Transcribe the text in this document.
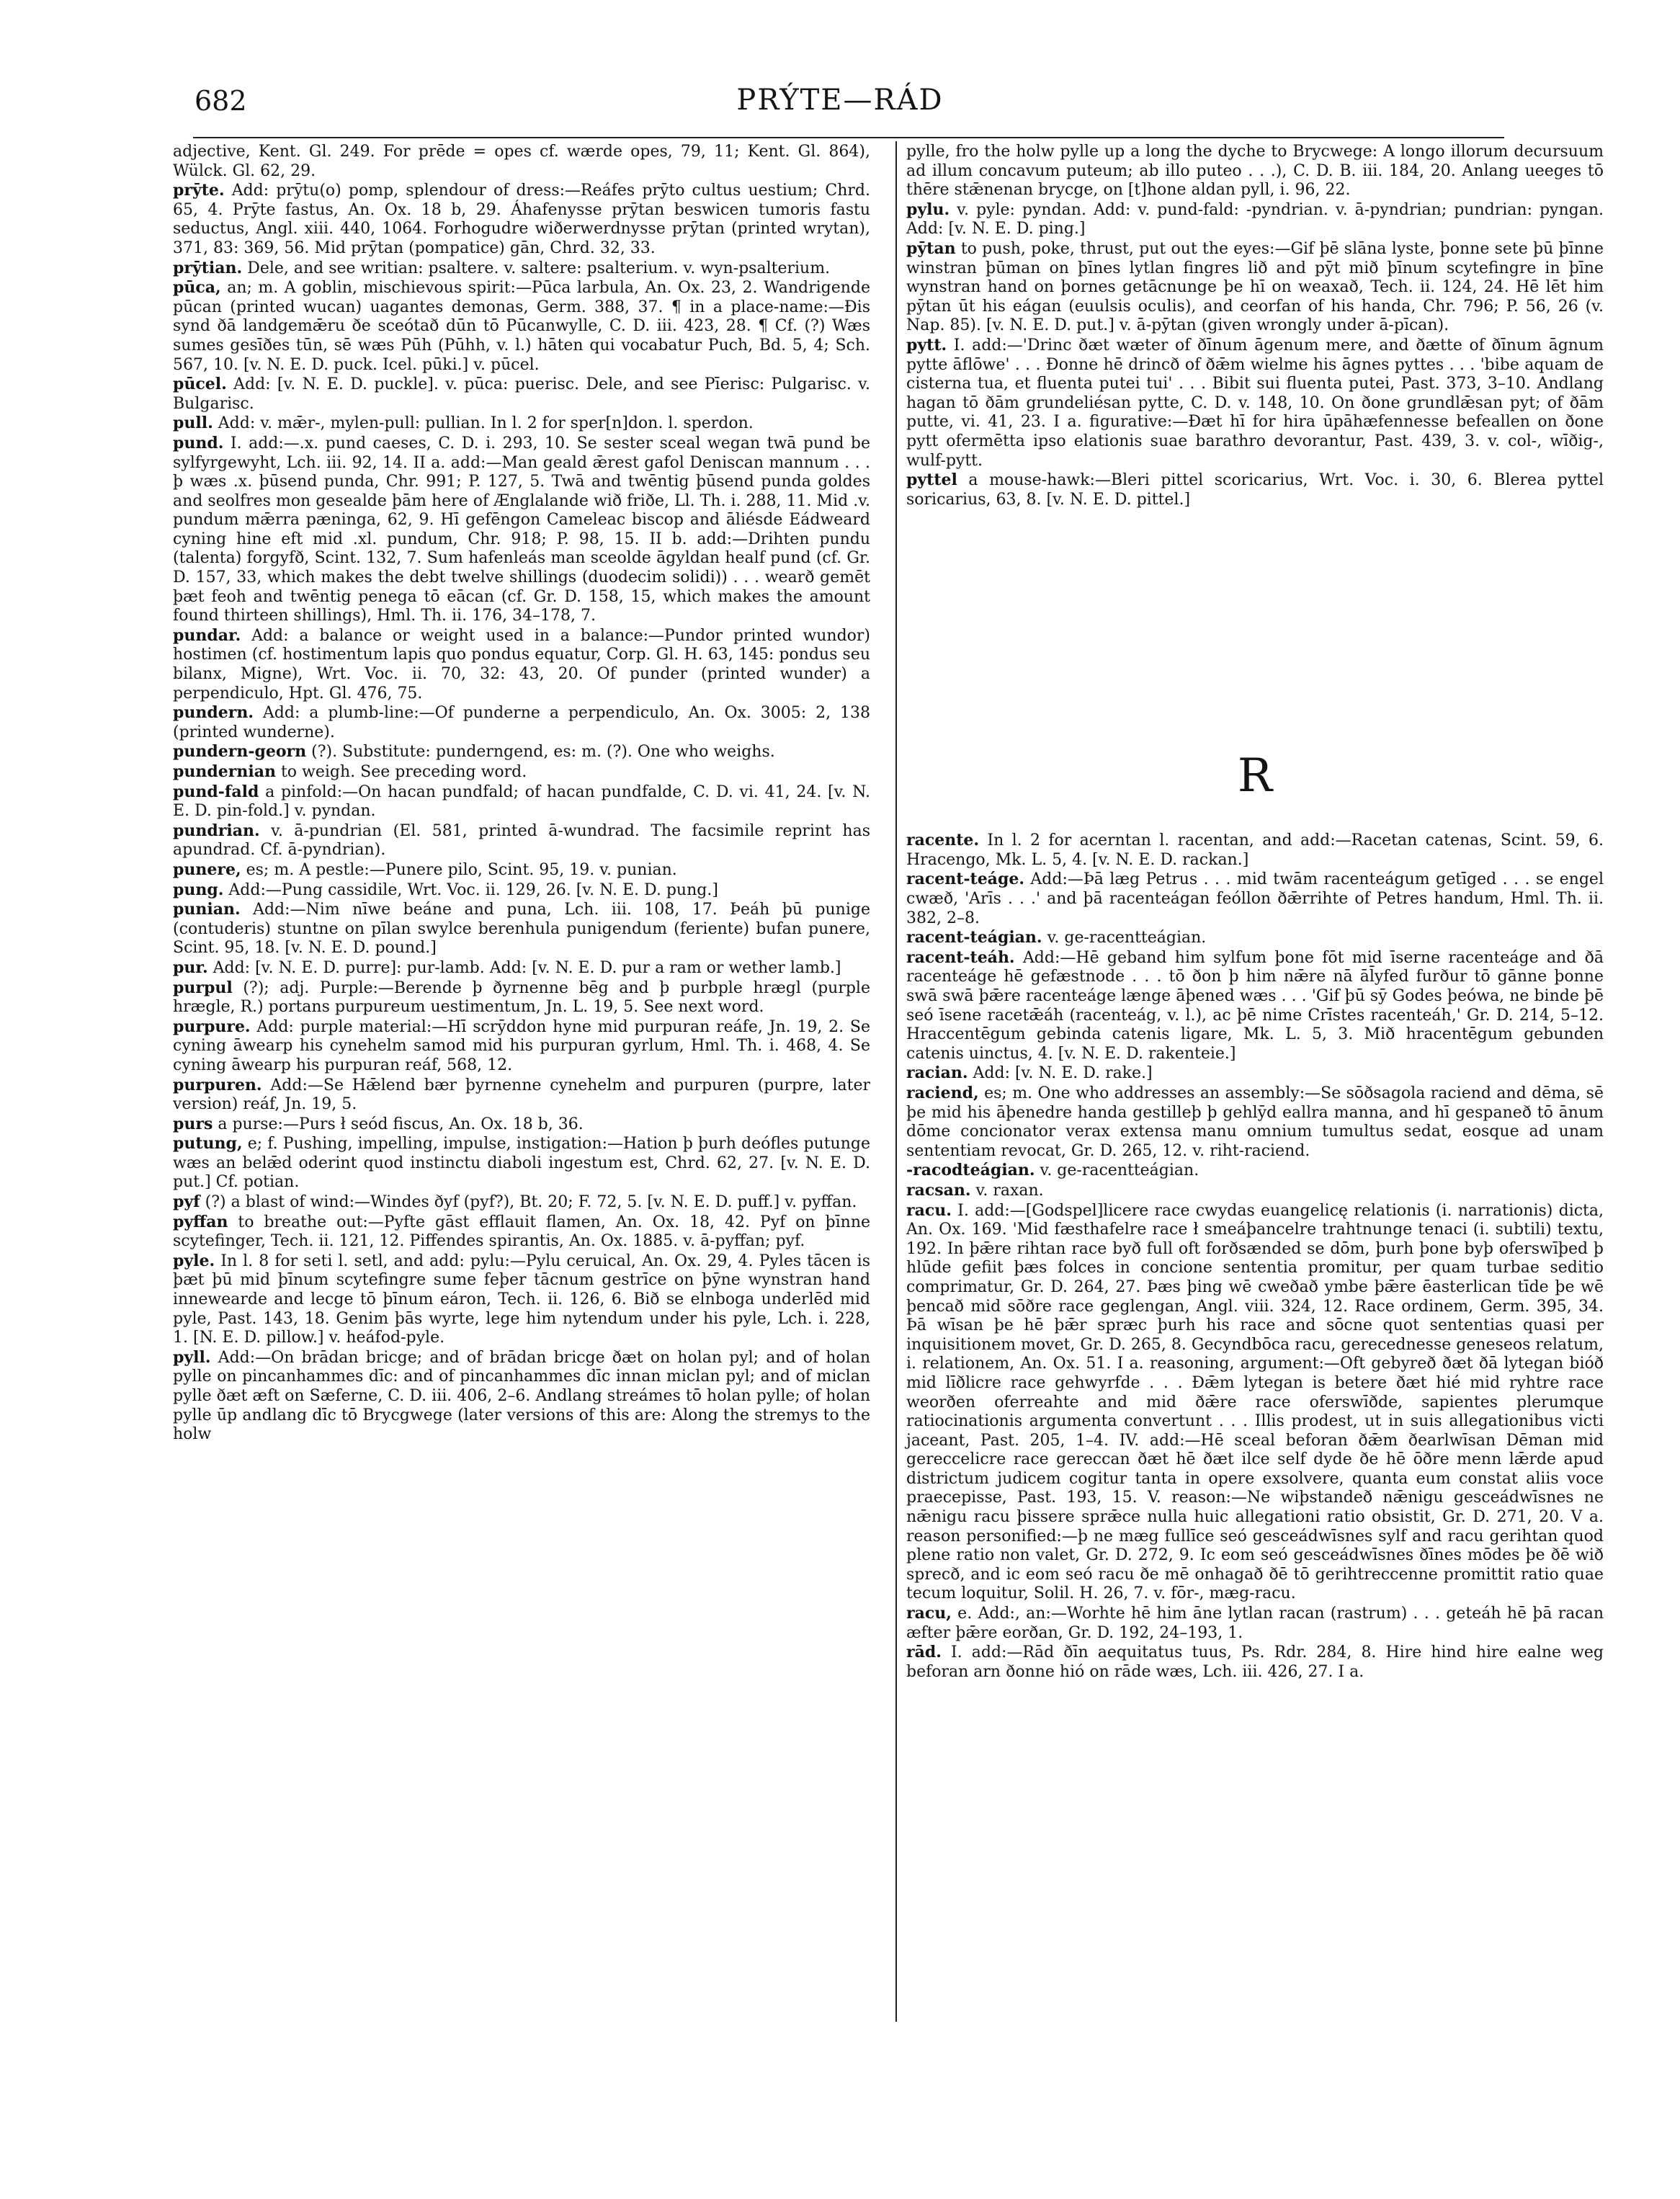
682	PRÝTE—RÁD
adjective, Kent. Gl. 249. For prēde = opes cf. wærde opes, 79, 11; Kent. Gl. 864), Wülck. Gl. 62, 29.
prȳte. Add: prȳtu(o) pomp, splendour of dress:—Reáfes prȳto cultus uestium; Chrd. 65, 4. Prȳte fastus, An. Ox. 18 b, 29. Áhafenysse prȳtan beswicen tumoris fastu seductus, Angl. xiii. 440, 1064. Forhogudre wiðerwerdnysse prȳtan (printed wrytan), 371, 83: 369, 56. Mid prȳtan (pompatice) gān, Chrd. 32, 33.
prȳtian. Dele, and see writian: psaltere. v. saltere: psalterium. v. wyn-psalterium.
pūca, an; m. A goblin, mischievous spirit:—Pūca larbula, An. Ox. 23, 2. Wandrigende pūcan (printed wucan) uagantes demonas, Germ. 388, 37. ¶ in a place-name:—Ðis synd ðā landgemǣru ðe sceótað dūn tō Pūcanwylle, C. D. iii. 423, 28. ¶ Cf. (?) Wæs sumes gesīðes tūn, sē wæs Pūh (Pūhh, v. l.) hāten qui vocabatur Puch, Bd. 5, 4; Sch. 567, 10. [v. N. E. D. puck. Icel. pūki.] v. pūcel.
pūcel. Add: [v. N. E. D. puckle]. v. pūca: puerisc. Dele, and see Pīerisc: Pulgarisc. v. Bulgarisc.
pull. Add: v. mǣr-, mylen-pull: pullian. In l. 2 for sper[n]don. l. sperdon.
pund. I. add:—.x. pund caeses, C. D. i. 293, 10. Se sester sceal wegan twā pund be sylfyrgewyht, Lch. iii. 92, 14. II a. add:—Man geald ǣrest gafol Deniscan mannum . . . þ wæs .x. þūsend punda, Chr. 991; P. 127, 5. Twā and twēntig þūsend punda goldes and seolfres mon gesealde þām here of Ænglalande wið friðe, Ll. Th. i. 288, 11. Mid .v. pundum mǣrra pæninga, 62, 9. Hī gefēngon Cameleac biscop and āliésde Eádweard cyning hine eft mid .xl. pundum, Chr. 918; P. 98, 15. II b. add:—Drihten pundu (talenta) forgyfð, Scint. 132, 7. Sum hafenleás man sceolde āgyldan healf pund (cf. Gr. D. 157, 33, which makes the debt twelve shillings (duodecim solidi)) . . . wearð gemēt þæt feoh and twēntig penega tō eācan (cf. Gr. D. 158, 15, which makes the amount found thirteen shillings), Hml. Th. ii. 176, 34–178, 7.
pundar. Add: a balance or weight used in a balance:—Pundor printed wundor) hostimen (cf. hostimentum lapis quo pondus equatur, Corp. Gl. H. 63, 145: pondus seu bilanx, Migne), Wrt. Voc. ii. 70, 32: 43, 20. Of punder (printed wunder) a perpendiculo, Hpt. Gl. 476, 75.
pundern. Add: a plumb-line:—Of punderne a perpendiculo, An. Ox. 3005: 2, 138 (printed wunderne).
pundern-georn (?). Substitute: punderngend, es: m. (?). One who weighs.
pundernian to weigh. See preceding word.
pund-fald a pinfold:—On hacan pundfald; of hacan pundfalde, C. D. vi. 41, 24. [v. N. E. D. pin-fold.] v. pyndan.
pundrian. v. ā-pundrian (El. 581, printed ā-wundrad. The facsimile reprint has apundrad. Cf. ā-pyndrian).
punere, es; m. A pestle:—Punere pilo, Scint. 95, 19. v. punian.
pung. Add:—Pung cassidile, Wrt. Voc. ii. 129, 26. [v. N. E. D. pung.]
punian. Add:—Nim nīwe beáne and puna, Lch. iii. 108, 17. Þeáh þū punige (contuderis) stuntne on pīlan swylce berenhula punigendum (feriente) bufan punere, Scint. 95, 18. [v. N. E. D. pound.]
pur. Add: [v. N. E. D. purre]: pur-lamb. Add: [v. N. E. D. pur a ram or wether lamb.]
purpul (?); adj. Purple:—Berende þ ðyrnenne bēg and þ purbple hrægl (purple hrægle, R.) portans purpureum uestimentum, Jn. L. 19, 5. See next word.
purpure. Add: purple material:—Hī scrȳddon hyne mid purpuran reáfe, Jn. 19, 2. Se cyning āwearp his cynehelm samod mid his purpuran gyrlum, Hml. Th. i. 468, 4. Se cyning āwearp his purpuran reáf, 568, 12.
purpuren. Add:—Se Hǣlend bær þyrnenne cynehelm and purpuren (purpre, later version) reáf, Jn. 19, 5.
purs a purse:—Purs ł seód fiscus, An. Ox. 18 b, 36.
putung, e; f. Pushing, impelling, impulse, instigation:—Hation þ þurh deófles putunge wæs an belǣd oderint quod instinctu diaboli ingestum est, Chrd. 62, 27. [v. N. E. D. put.] Cf. potian.
pyf (?) a blast of wind:—Windes ðyf (pyf?), Bt. 20; F. 72, 5. [v. N. E. D. puff.] v. pyffan.
pyffan to breathe out:—Pyfte gāst efflauit flamen, An. Ox. 18, 42. Pyf on þīnne scytefinger, Tech. ii. 121, 12. Piffendes spirantis, An. Ox. 1885. v. ā-pyffan; pyf.
pyle. In l. 8 for seti l. setl, and add: pylu:—Pylu ceruical, An. Ox. 29, 4. Pyles tācen is þæt þū mid þīnum scytefingre sume feþer tācnum gestrīce on þȳne wynstran hand innewearde and lecge tō þīnum eáron, Tech. ii. 126, 6. Bið se elnboga underlēd mid pyle, Past. 143, 18. Genim þās wyrte, lege him nytendum under his pyle, Lch. i. 228, 1. [N. E. D. pillow.] v. heáfod-pyle.
pyll. Add:—On brādan bricge; and of brādan bricge ðæt on holan pyl; and of holan pylle on pincanhammes dīc: and of pincanhammes dīc innan miclan pyl; and of miclan pylle ðæt æft on Sæferne, C. D. iii. 406, 2–6. Andlang streámes tō holan pylle; of holan pylle ūp andlang dīc tō Brycgwege (later versions of this are: Along the stremys to the holw
pylle, fro the holw pylle up a long the dyche to Brycwege: A longo illorum decursuum ad illum concavum puteum; ab illo puteo . . .), C. D. B. iii. 184, 20. Anlang ueeges tō thēre stǣnenan brycge, on [t]hone aldan pyll, i. 96, 22.
pylu. v. pyle: pyndan. Add: v. pund-fald: -pyndrian. v. ā-pyndrian; pundrian: pyngan. Add: [v. N. E. D. ping.]
pȳtan to push, poke, thrust, put out the eyes:—Gif þē slāna lyste, þonne sete þū þīnne winstran þūman on þīnes lytlan fingres lið and pȳt mið þīnum scytefingre in þīne wynstran hand on þornes getācnunge þe hī on weaxað, Tech. ii. 124, 24. Hē lēt him pȳtan ūt his eágan (euulsis oculis), and ceorfan of his handa, Chr. 796; P. 56, 26 (v. Nap. 85). [v. N. E. D. put.] v. ā-pȳtan (given wrongly under ā-pīcan).
pytt. I. add:—'Drinc ðæt wæter of ðīnum āgenum mere, and ðætte of ðīnum āgnum pytte āflōwe' . . . Ðonne hē drincð of ðǣm wielme his āgnes pyttes . . . 'bibe aquam de cisterna tua, et fluenta putei tui' . . . Bibit sui fluenta putei, Past. 373, 3–10. Andlang hagan tō ðām grundeliésan pytte, C. D. v. 148, 10. On ðone grundlǣsan pyt; of ðām putte, vi. 41, 23. I a. figurative:—Ðæt hī for hira ūpāhæfennesse befeallen on ðone pytt ofermētta ipso elationis suae barathro devorantur, Past. 439, 3. v. col-, wīðig-, wulf-pytt.
pyttel a mouse-hawk:—Bleri pittel scoricarius, Wrt. Voc. i. 30, 6. Blerea pyttel soricarius, 63, 8. [v. N. E. D. pittel.]
R
racente. In l. 2 for acerntan l. racentan, and add:—Racetan catenas, Scint. 59, 6. Hracengo, Mk. L. 5, 4. [v. N. E. D. rackan.]
racent-teáge. Add:—Þā læg Petrus . . . mid twām racenteágum getīged . . . se engel cwæð, 'Arīs . . .' and þā racenteágan feóllon ðǣrrihte of Petres handum, Hml. Th. ii. 382, 2–8.
racent-teágian. v. ge-racentteágian.
racent-teáh. Add:—Hē geband him sylfum þone fōt mid īserne racenteáge and ðā racenteáge hē gefæstnode . . . tō ðon þ him nǣre nā āl̄yfed furður tō gānne þonne swā swā þǣre racenteáge længe āþened wæs . . . 'Gif þū sȳ Godes þeówa, ne binde þē seó īsene racetǣáh (racenteág, v. l.), ac þē nime Crīstes racenteáh,' Gr. D. 214, 5–12. Hraccentēgum gebinda catenis ligare, Mk. L. 5, 3. Mið hracentēgum gebunden catenis uinctus, 4. [v. N. E. D. rakenteie.]
racian. Add: [v. N. E. D. rake.]
raciend, es; m. One who addresses an assembly:—Se sōðsagola raciend and dēma, sē þe mid his āþenedre handa gestilleþ þ gehlȳd eallra manna, and hī gespaneð tō ānum dōme concionator verax extensa manu omnium tumultus sedat, eosque ad unam sententiam revocat, Gr. D. 265, 12. v. riht-raciend.
-racodteágian. v. ge-racentteágian.
racsan. v. raxan.
racu. I. add:—[Godspel]licere race cwydas euangelicę relationis (i. narrationis) dicta, An. Ox. 169. 'Mid fæsthafelre race ł smeáþancelre trahtnunge tenaci (i. subtili) textu, 192. In þǣre rihtan race byð full oft forðsænded se dōm, þurh þone byþ oferswīþed þ hlūde gefiit þæs folces in concione sententia promitur, per quam turbae seditio comprimatur, Gr. D. 264, 27. Þæs þing wē cweðað ymbe þǣre ēasterlican tīde þe wē þencað mid sōðre race geglengan, Angl. viii. 324, 12. Race ordinem, Germ. 395, 34. Þā wīsan þe hē þǣr spræc þurh his race and sōcne quot sententias quasi per inquisitionem movet, Gr. D. 265, 8. Gecyndbōca racu, gerecednesse geneseos relatum, i. relationem, An. Ox. 51. I a. reasoning, argument:—Oft gebyreð ðæt ðā lytegan bióð mid līðlicre race gehwyrfde . . . Ðǣm lytegan is betere ðæt hié mid ryhtre race weorðen oferreahte and mid ðǣre race oferswīðde, sapientes plerumque ratiocinationis argumenta convertunt . . . Illis prodest, ut in suis allegationibus victi jaceant, Past. 205, 1–4. IV. add:—Hē sceal beforan ðǣm ðearlwīsan Dēman mid gereccelicre race gereccan ðæt hē ðæt ilce self dyde ðe hē ōðre menn lǣrde apud districtum judicem cogitur tanta in opere exsolvere, quanta eum constat aliis voce praecepisse, Past. 193, 15. V. reason:—Ne wiþstandeð nǣnigu gesceádwīsnes ne nǣnigu racu þissere sprǣce nulla huic allegationi ratio obsistit, Gr. D. 271, 20. V a. reason personified:—þ ne mæg fullīce seó gesceádwīsnes sylf and racu gerihtan quod plene ratio non valet, Gr. D. 272, 9. Ic eom seó gesceádwīsnes ðīnes mōdes þe ðē wið sprecð, and ic eom seó racu ðe mē onhagað ðē tō gerihtreccenne promittit ratio quae tecum loquitur, Solil. H. 26, 7. v. fōr-, mæg-racu.
racu, e. Add:, an:—Worhte hē him āne lytlan racan (rastrum) . . . geteáh hē þā racan æfter þǣre eorðan, Gr. D. 192, 24–193, 1.
rād. I. add:—Rād ðīn aequitatus tuus, Ps. Rdr. 284, 8. Hire hind hire ealne weg beforan arn ðonne hió on rāde wæs, Lch. iii. 426, 27. I a.
